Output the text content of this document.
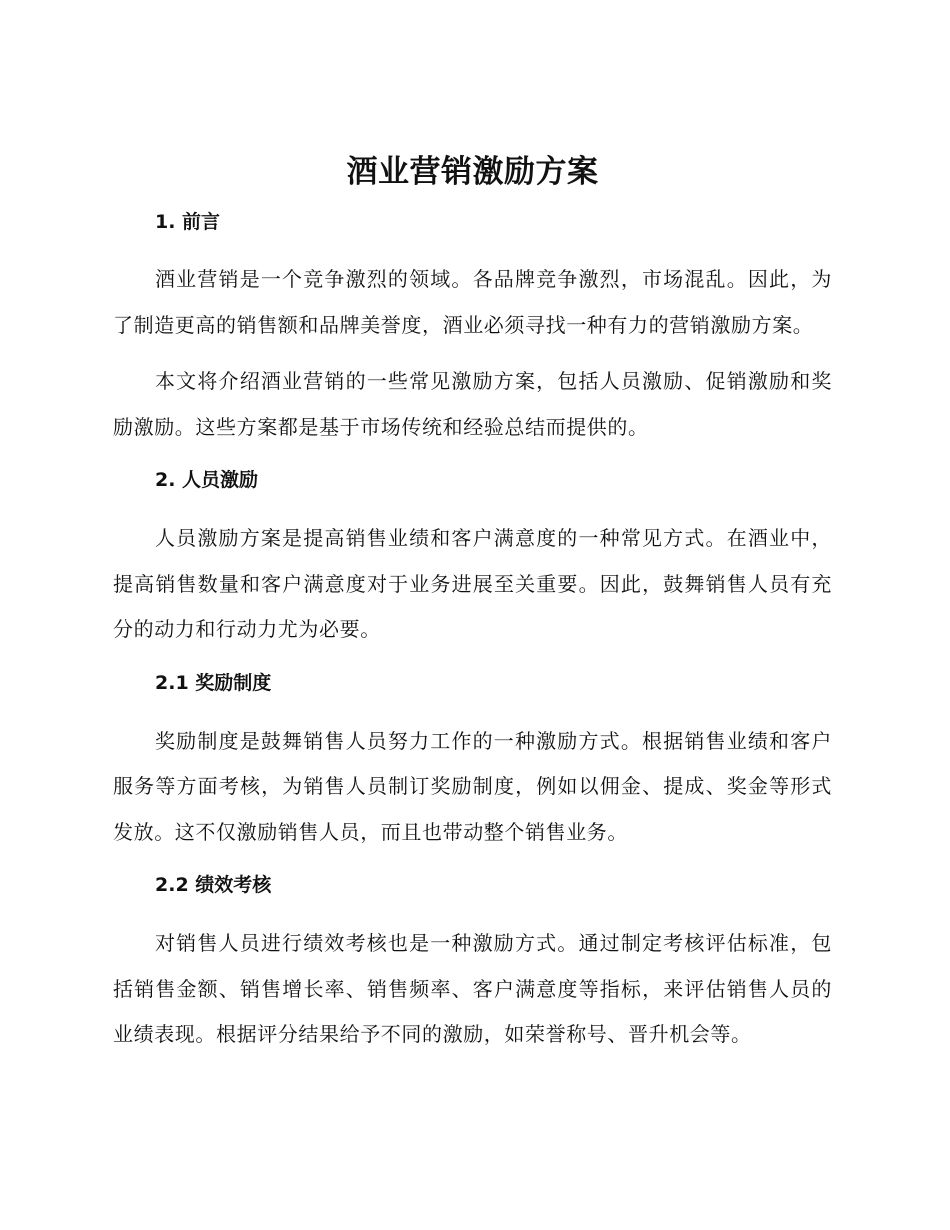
酒业营销激励方案
1. 前言

酒业营销是一个竞争激烈的领域。各品牌竞争激烈，市场混乱。因此，为了制造更高的销售额和品牌美誉度，酒业必须寻找一种有力的营销激励方案。

本文将介绍酒业营销的一些常见激励方案，包括人员激励、促销激励和奖励激励。这些方案都是基于市场传统和经验总结而提供的。

2. 人员激励

人员激励方案是提高销售业绩和客户满意度的一种常见方式。在酒业中，提高销售数量和客户满意度对于业务进展至关重要。因此，鼓舞销售人员有充分的动力和行动力尤为必要。

2.1 奖励制度

奖励制度是鼓舞销售人员努力工作的一种激励方式。根据销售业绩和客户服务等方面考核，为销售人员制订奖励制度，例如以佣金、提成、奖金等形式发放。这不仅激励销售人员，而且也带动整个销售业务。

2.2 绩效考核

对销售人员进行绩效考核也是一种激励方式。通过制定考核评估标准，包括销售金额、销售增长率、销售频率、客户满意度等指标，来评估销售人员的业绩表现。根据评分结果给予不同的激励，如荣誉称号、晋升机会等。
